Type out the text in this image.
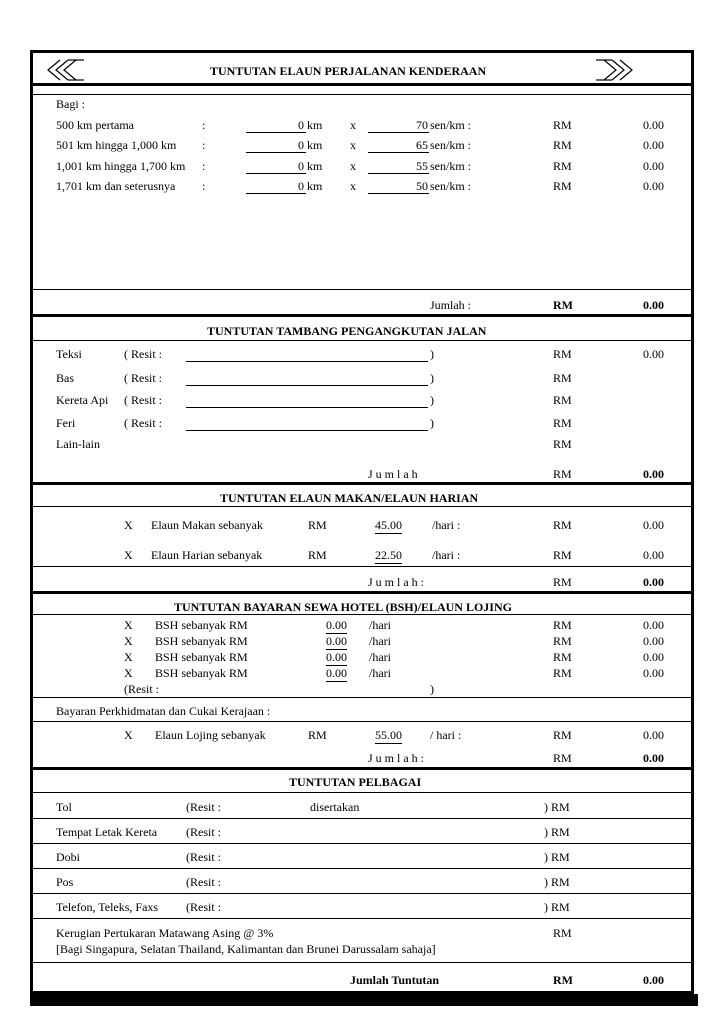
TUNTUTAN ELAUN PERJALANAN KENDERAAN
Bagi :
500 km pertama	:	0 km x	70 sen/km :	RM	0.00
501 km hingga 1,000 km :	0 km x	65 sen/km :	RM	0.00
1,001 km hingga 1,700 km :	0 km x	55 sen/km :	RM	0.00
1,701 km dan seterusnya :	0 km x	50 sen/km :	RM	0.00
Jumlah :	RM	0.00
TUNTUTAN TAMBANG PENGANGKUTAN JALAN
Teksi	( Resit :	)	RM	0.00
Bas	( Resit :	)	RM
Kereta Api ( Resit :	)	RM
Feri	( Resit :	)	RM
Lain-lain	RM
J u m l a h	RM	0.00
TUNTUTAN ELAUN MAKAN/ELAUN HARIAN
X Elaun Makan sebanyak	RM	45.00	/hari :	RM	0.00
X Elaun Harian sebanyak	RM	22.50	/hari :	RM	0.00
J u m l a h :	RM	0.00
TUNTUTAN BAYARAN SEWA HOTEL (BSH)/ELAUN LOJING
X BSH sebanyak RM	0.00 /hari	RM	0.00
X BSH sebanyak RM	0.00 /hari	RM	0.00
X BSH sebanyak RM	0.00 /hari	RM	0.00
X BSH sebanyak RM	0.00 /hari	RM	0.00
(Resit :	)
Bayaran Perkhidmatan dan Cukai Kerajaan :
X Elaun Lojing sebanyak	RM	55.00 / hari :	RM	0.00
J u m l a h :	RM	0.00
TUNTUTAN PELBAGAI
Tol	(Resit :	disertakan	) RM
Tempat Letak Kereta (Resit :	) RM
Dobi	(Resit :	) RM
Pos	(Resit :	) RM
Telefon, Teleks, Faxs (Resit :	) RM
Kerugian Pertukaran Matawang Asing @ 3%	RM
[Bagi Singapura, Selatan Thailand, Kalimantan dan Brunei Darussalam sahaja]
Jumlah Tuntutan	RM	0.00
